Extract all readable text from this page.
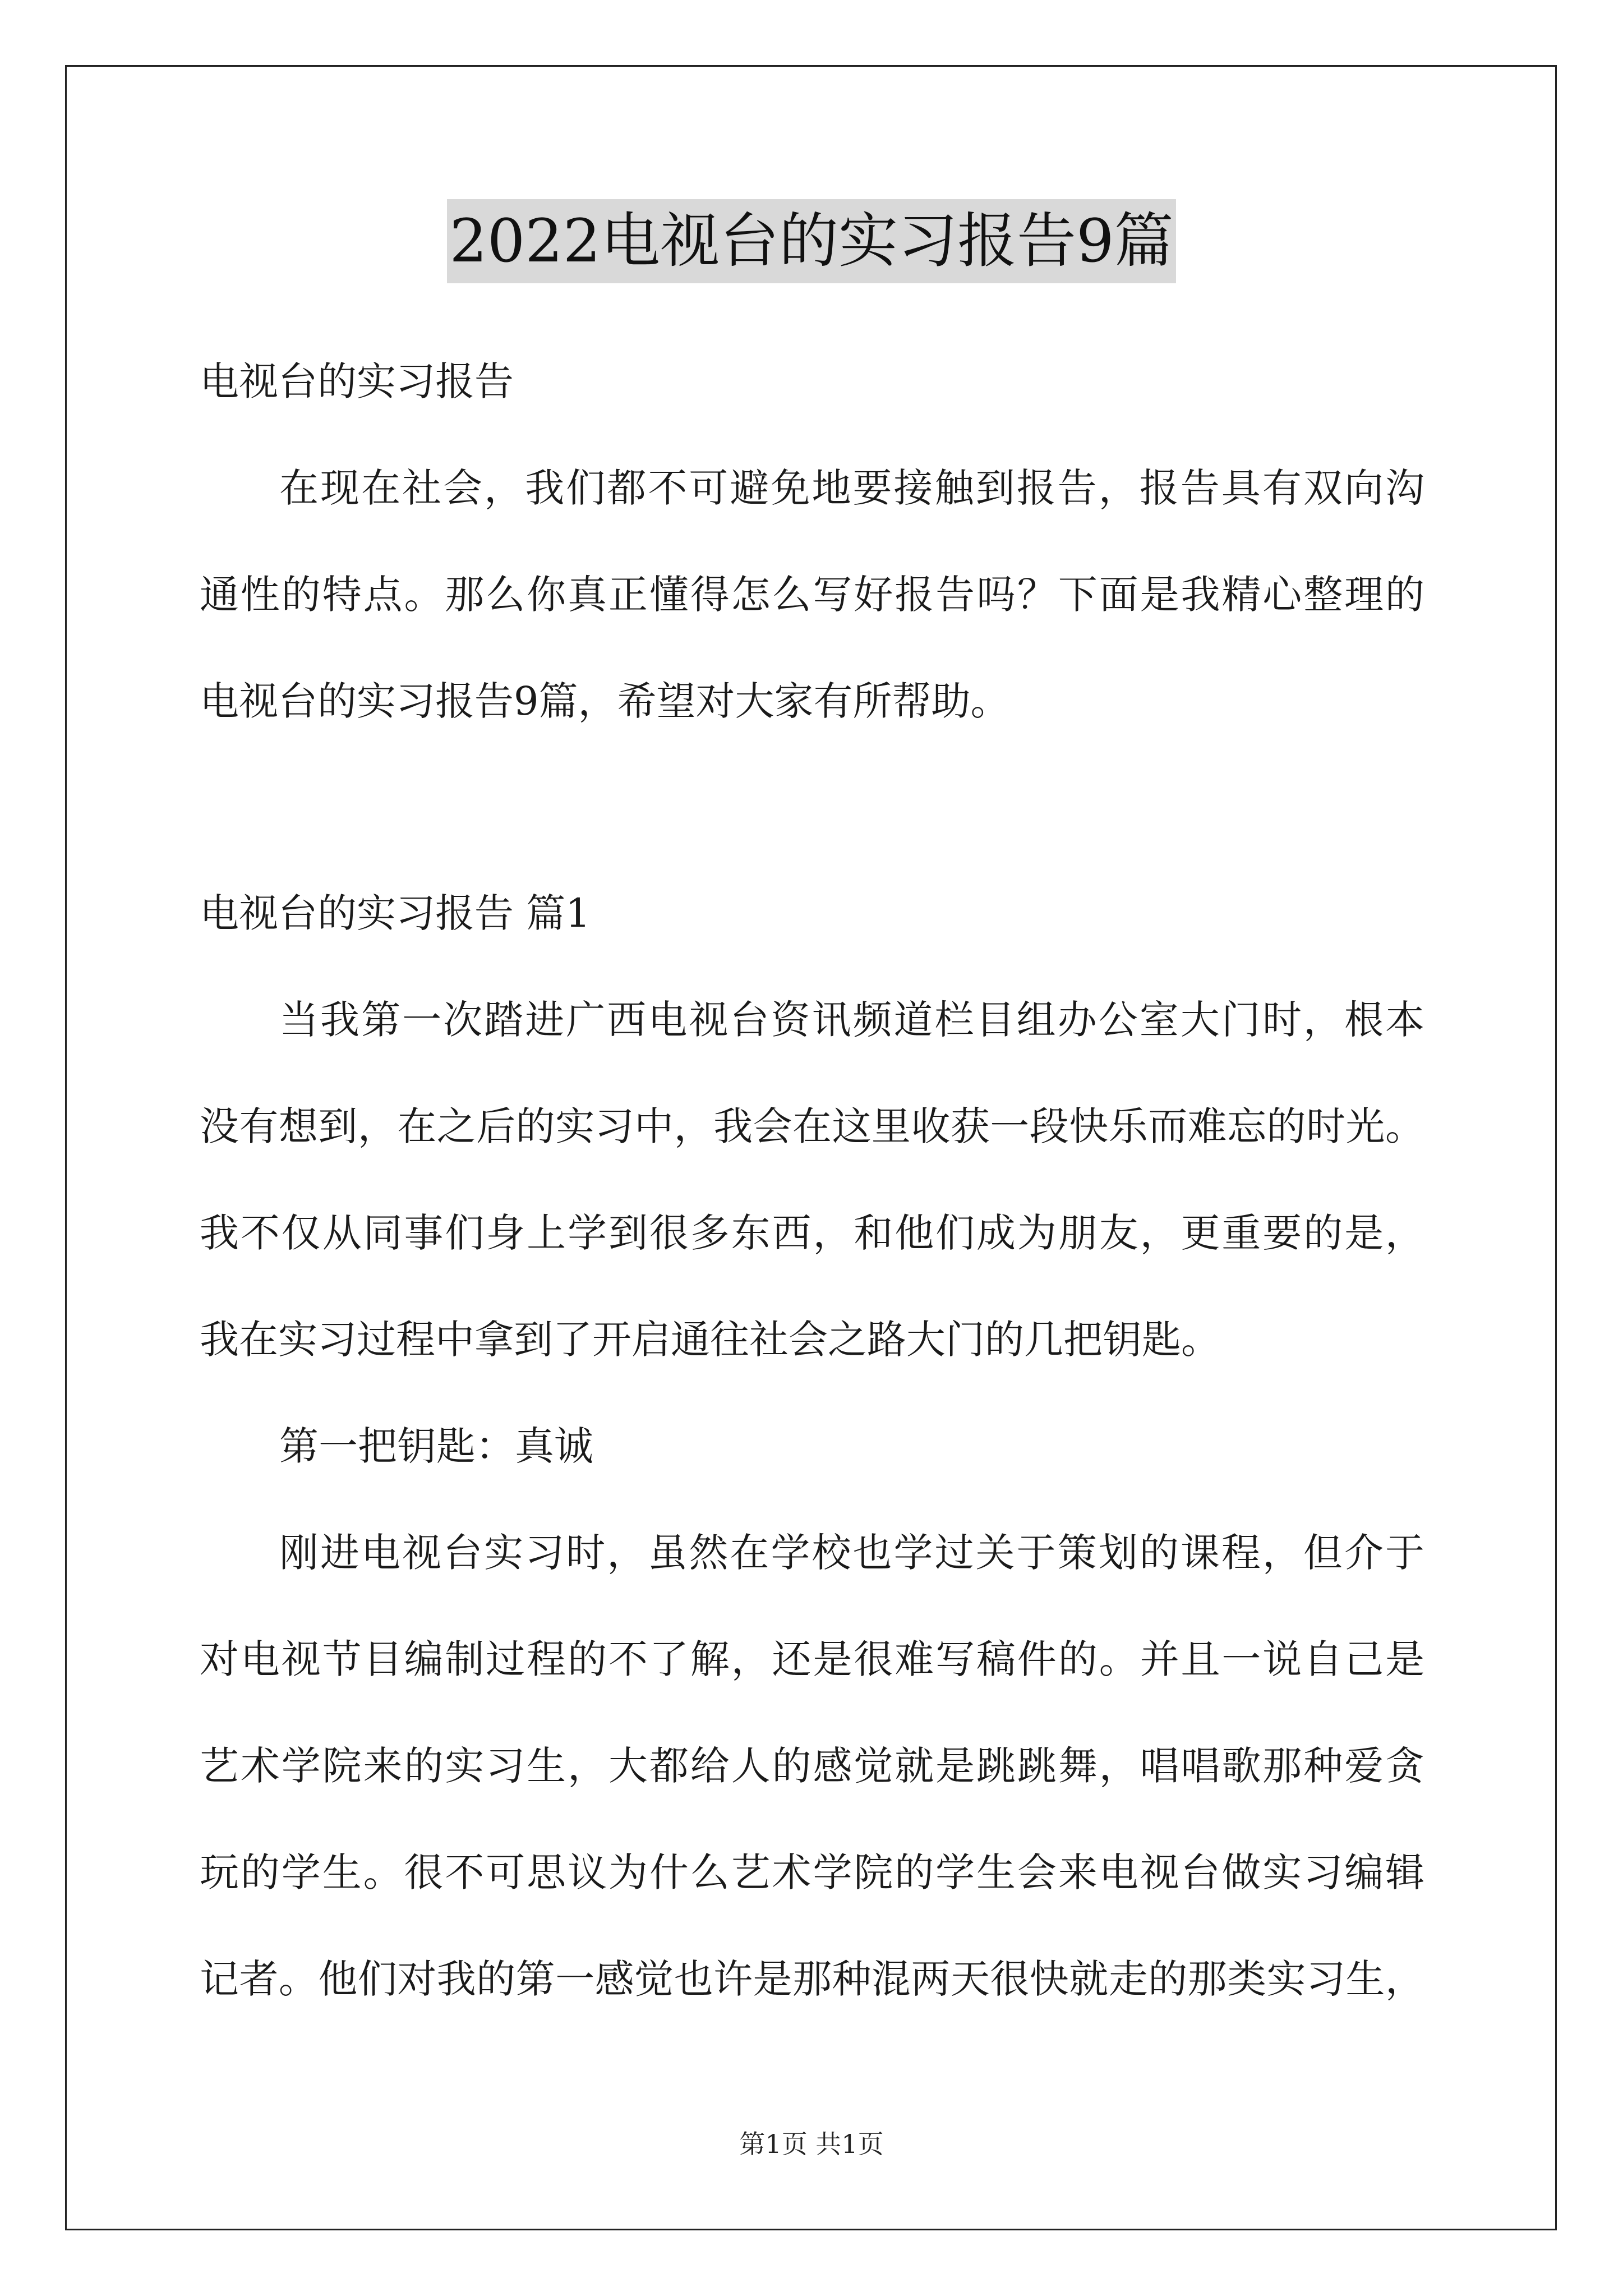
2022电视台的实习报告9篇
电视台的实习报告
在现在社会，我们都不可避免地要接触到报告，报告具有双向沟
通性的特点。那么你真正懂得怎么写好报告吗？下面是我精心整理的
电视台的实习报告9篇，希望对大家有所帮助。
电视台的实习报告 篇1
当我第一次踏进广西电视台资讯频道栏目组办公室大门时，根本
没有想到，在之后的实习中，我会在这里收获一段快乐而难忘的时光。
我不仅从同事们身上学到很多东西，和他们成为朋友，更重要的是，
我在实习过程中拿到了开启通往社会之路大门的几把钥匙。
第一把钥匙：真诚
刚进电视台实习时，虽然在学校也学过关于策划的课程，但介于
对电视节目编制过程的不了解，还是很难写稿件的。并且一说自己是
艺术学院来的实习生，大都给人的感觉就是跳跳舞，唱唱歌那种爱贪
玩的学生。很不可思议为什么艺术学院的学生会来电视台做实习编辑
记者。他们对我的第一感觉也许是那种混两天很快就走的那类实习生，
第1页 共1页
